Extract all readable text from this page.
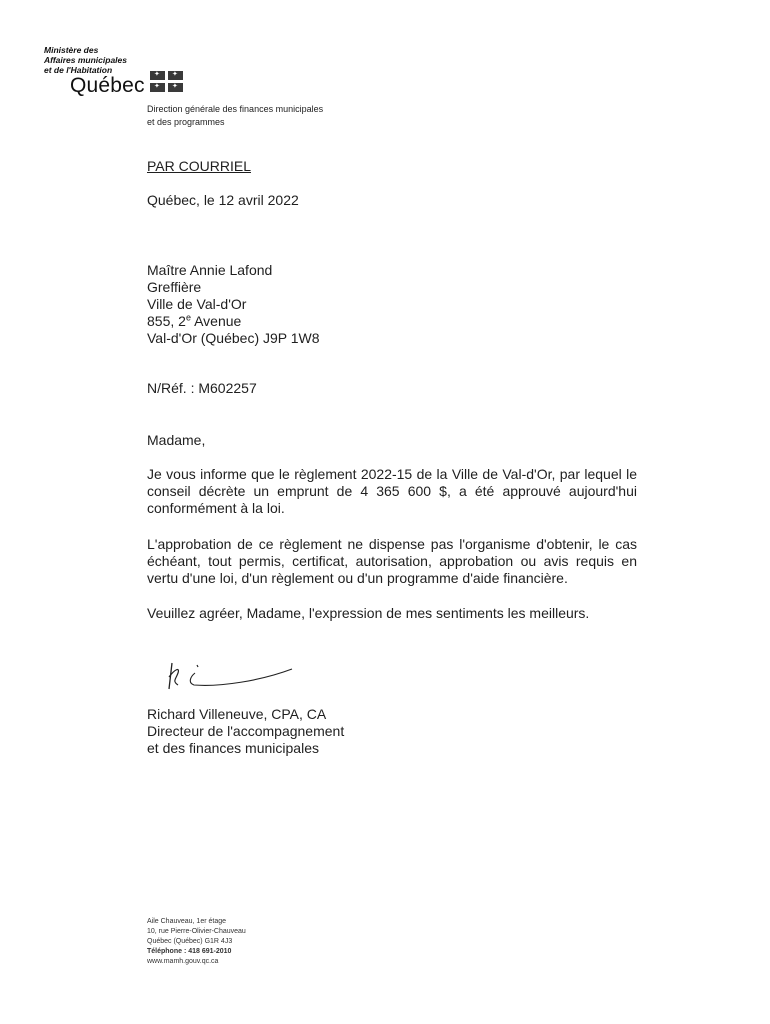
Ministère des
Affaires municipales
et de l'Habitation
Québec
✦
✦
✦
✦
Direction générale des finances municipales
et des programmes
PAR COURRIEL
Québec, le 12 avril 2022
Maître Annie Lafond
Greffière
Ville de Val-d'Or
855, 2e Avenue
Val-d'Or (Québec) J9P 1W8
N/Réf. : M602257
Madame,
Je vous informe que le règlement 2022-15 de la Ville de Val-d'Or, par lequel le conseil décrète un emprunt de 4 365 600 $, a été approuvé aujourd'hui conformément à la loi.
L'approbation de ce règlement ne dispense pas l'organisme d'obtenir, le cas échéant, tout permis, certificat, autorisation, approbation ou avis requis en vertu d'une loi, d'un règlement ou d'un programme d'aide financière.
Veuillez agréer, Madame, l'expression de mes sentiments les meilleurs.
Richard Villeneuve, CPA, CA
Directeur de l'accompagnement
et des finances municipales
Aile Chauveau, 1er étage
10, rue Pierre-Olivier-Chauveau
Québec (Québec) G1R 4J3
Téléphone : 418 691-2010
www.mamh.gouv.qc.ca
